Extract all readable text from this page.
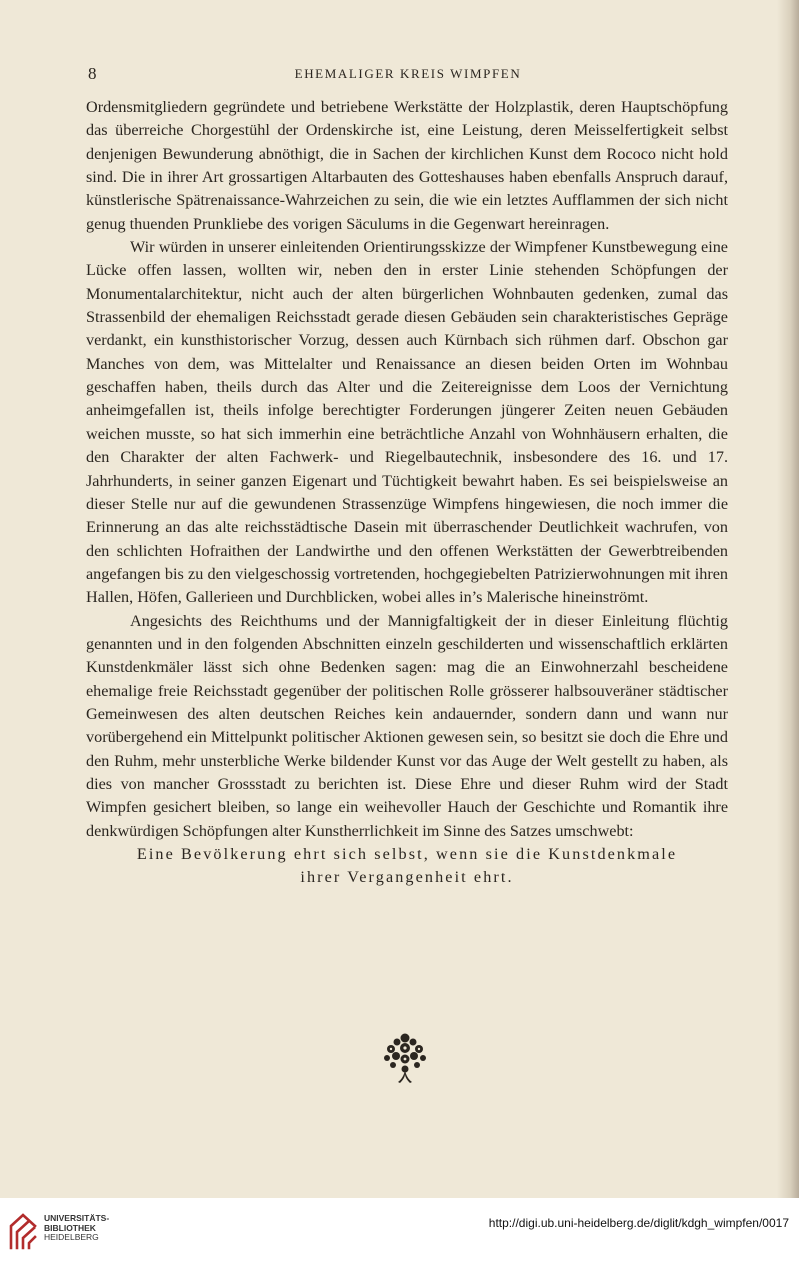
8	EHEMALIGER KREIS WIMPFEN

Ordensmitgliedern gegründete und betriebene Werkstätte der Holzplastik, deren Hauptschöpfung das überreiche Chorgestühl der Ordenskirche ist, eine Leistung, deren Meisselfertigkeit selbst denjenigen Bewunderung abnöthigt, die in Sachen der kirchlichen Kunst dem Rococo nicht hold sind. Die in ihrer Art grossartigen Altarbauten des Gotteshauses haben ebenfalls Anspruch darauf, künstlerische Spätrenaissance-Wahrzeichen zu sein, die wie ein letztes Aufflammen der sich nicht genug thuenden Prunkliebe des vorigen Säculums in die Gegenwart hereinragen.

Wir würden in unserer einleitenden Orientirungsskizze der Wimpfener Kunstbewegung eine Lücke offen lassen, wollten wir, neben den in erster Linie stehenden Schöpfungen der Monumentalarchitektur, nicht auch der alten bürgerlichen Wohnbauten gedenken, zumal das Strassenbild der ehemaligen Reichsstadt gerade diesen Gebäuden sein charakteristisches Gepräge verdankt, ein kunsthistorischer Vorzug, dessen auch Kürnbach sich rühmen darf. Obschon gar Manches von dem, was Mittelalter und Renaissance an diesen beiden Orten im Wohnbau geschaffen haben, theils durch das Alter und die Zeitereignisse dem Loos der Vernichtung anheimgefallen ist, theils infolge berechtigter Forderungen jüngerer Zeiten neuen Gebäuden weichen musste, so hat sich immerhin eine beträchtliche Anzahl von Wohnhäusern erhalten, die den Charakter der alten Fachwerk- und Riegelbautechnik, insbesondere des 16. und 17. Jahrhunderts, in seiner ganzen Eigenart und Tüchtigkeit bewahrt haben. Es sei beispielsweise an dieser Stelle nur auf die gewundenen Strassenzüge Wimpfens hingewiesen, die noch immer die Erinnerung an das alte reichsstädtische Dasein mit überraschender Deutlichkeit wachrufen, von den schlichten Hofraithen der Landwirthe und den offenen Werkstätten der Gewerbtreibenden angefangen bis zu den vielgeschossig vortretenden, hochgegiebelten Patrizierwohnungen mit ihren Hallen, Höfen, Gallerieen und Durchblicken, wobei alles in’s Malerische hineinströmt.

Angesichts des Reichthums und der Mannigfaltigkeit der in dieser Einleitung flüchtig genannten und in den folgenden Abschnitten einzeln geschilderten und wissenschaftlich erklärten Kunstdenkmäler lässt sich ohne Bedenken sagen: mag die an Einwohnerzahl bescheidene ehemalige freie Reichsstadt gegenüber der politischen Rolle grösserer halbsouveräner städtischer Gemeinwesen des alten deutschen Reiches kein andauernder, sondern dann und wann nur vorübergehend ein Mittelpunkt politischer Aktionen gewesen sein, so besitzt sie doch die Ehre und den Ruhm, mehr unsterbliche Werke bildender Kunst vor das Auge der Welt gestellt zu haben, als dies von mancher Grossstadt zu berichten ist. Diese Ehre und dieser Ruhm wird der Stadt Wimpfen gesichert bleiben, so lange ein weihevoller Hauch der Geschichte und Romantik ihre denkwürdigen Schöpfungen alter Kunstherrlichkeit im Sinne des Satzes umschwebt:

Eine Bevölkerung ehrt sich selbst, wenn sie die Kunstdenkmale

ihrer Vergangenheit ehrt.

UNIVERSITÄTS-
BIBLIOTHEK
HEIDELBERG
http://digi.ub.uni-heidelberg.de/diglit/kdgh_wimpfen/0017
